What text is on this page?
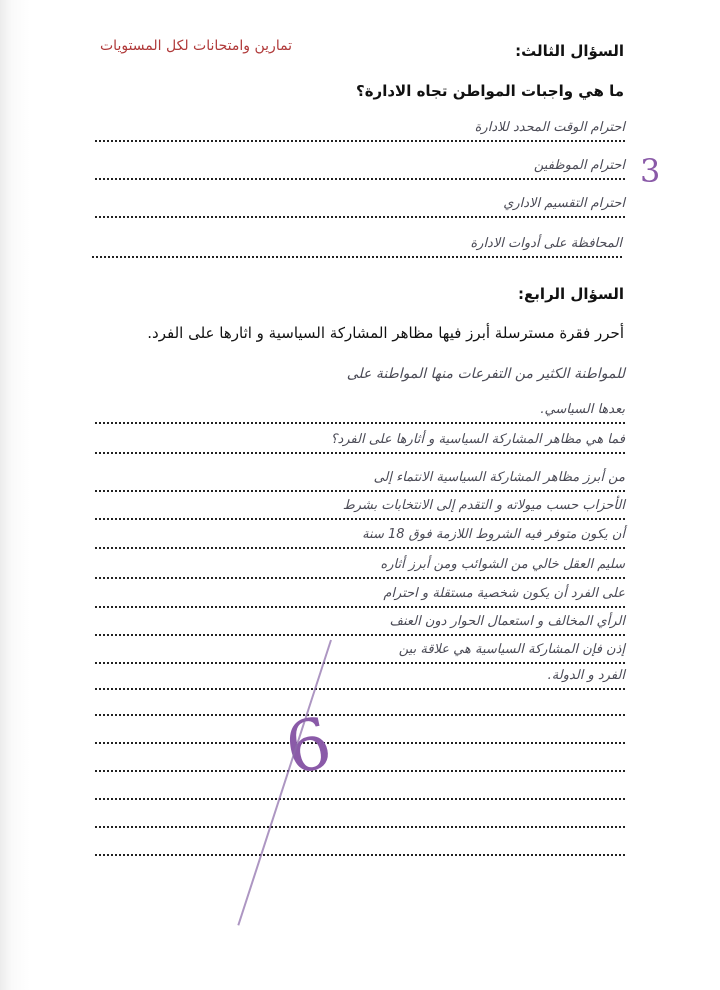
تمارين وامتحانات لكل المستويات	السؤال الثالث:
ما هي واجبات المواطن تجاه الادارة؟
احترام الوقت المحدد للادارة
احترام الموظفين
احترام التقسيم الاداري
المحافظة على أدوات الادارة
3
السؤال الرابع:
أحرر فقرة مسترسلة أبرز فيها مظاهر المشاركة السياسية و اثارها على الفرد.
للمواطنة الكثير من التفرعات منها المواطنة على
بعدها السياسي.
فما هي مظاهر المشاركة السياسية و أثارها على الفرد؟
من أبرز مظاهر المشاركة السياسية الانتماء إلى
الأحزاب حسب ميولاته و التقدم إلى الانتخابات بشرط
أن يكون متوفر فيه الشروط اللازمة فوق 18 سنة
سليم العقل خالي من الشوائب ومن أبرز أثاره
على الفرد أن يكون شخصية مستقلة و احترام
الرأي المخالف و استعمال الحوار دون العنف
إذن فإن المشاركة السياسية هي علاقة بين
الفرد و الدولة.
6
